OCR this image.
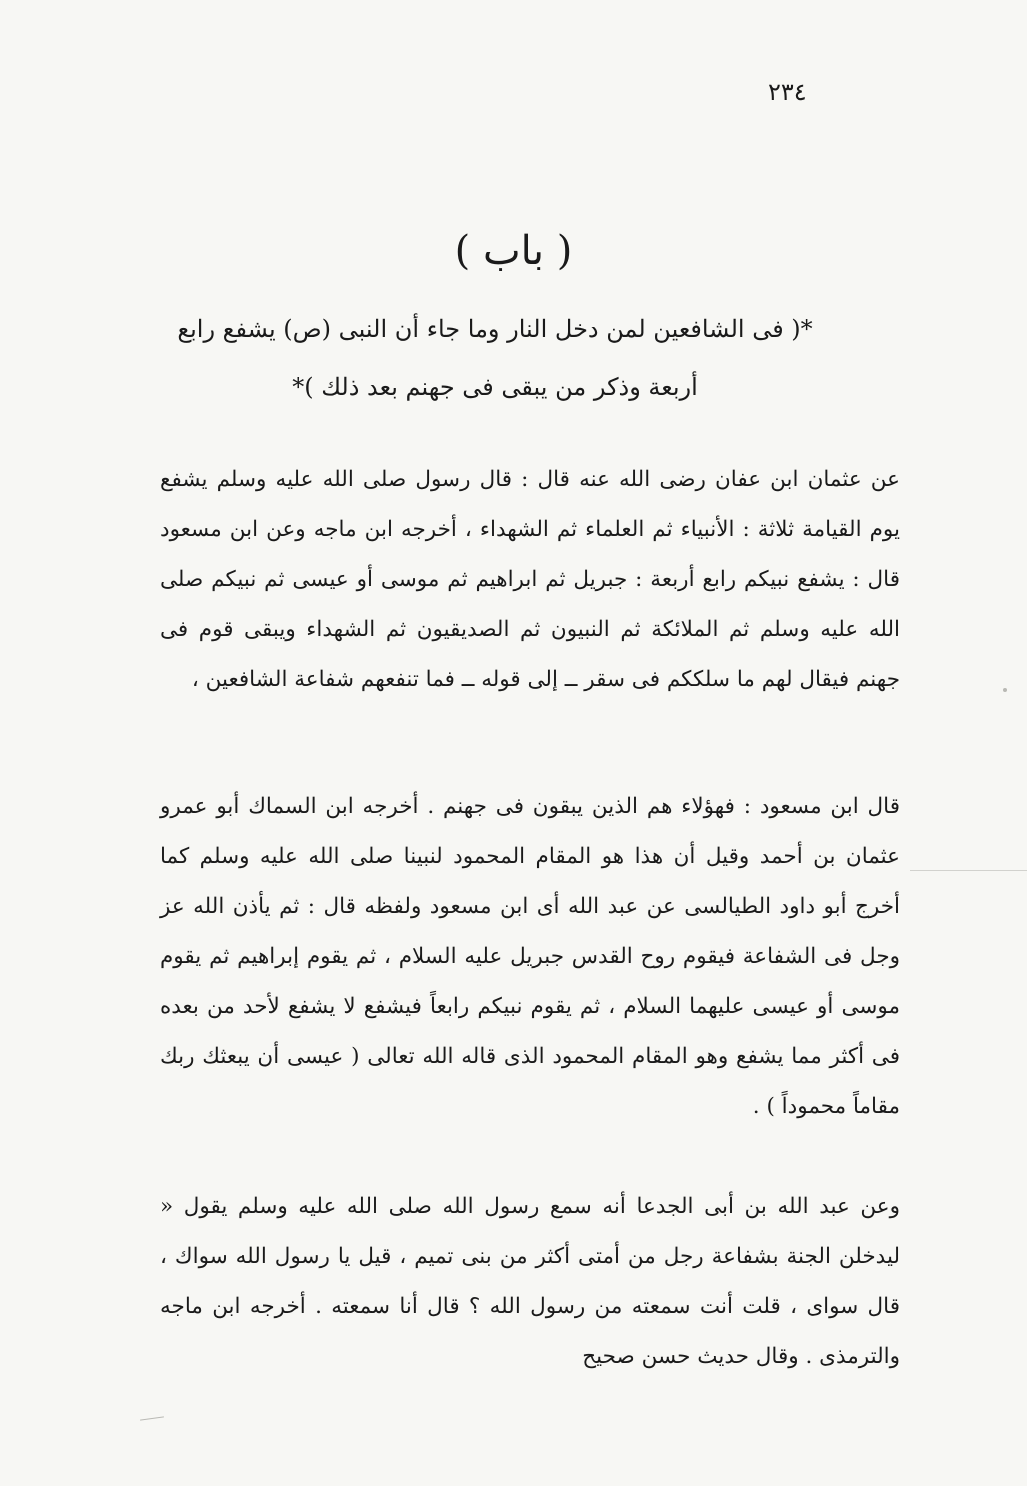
٢٣٤
( باب )
*( فى الشافعين لمن دخل النار وما جاء أن النبى (ص) يشفع رابع أربعة وذكر من يبقى فى جهنم بعد ذلك )*
عن عثمان ابن عفان رضى الله عنه قال : قال رسول صلى الله عليه وسلم يشفع يوم القيامة ثلاثة : الأنبياء ثم العلماء ثم الشهداء ، أخرجه ابن ماجه وعن ابن مسعود قال : يشفع نبيكم رابع أربعة : جبريل ثم ابراهيم ثم موسى أو عيسى ثم نبيكم صلى الله عليه وسلم ثم الملائكة ثم النبيون ثم الصديقيون ثم الشهداء ويبقى قوم فى جهنم فيقال لهم ما سلككم فى سقر ــ إلى قوله ــ فما تنفعهم شفاعة الشافعين ،
قال ابن مسعود : فهؤلاء هم الذين يبقون فى جهنم . أخرجه ابن السماك أبو عمرو عثمان بن أحمد وقيل أن هذا هو المقام المحمود لنبينا صلى الله عليه وسلم كما أخرج أبو داود الطيالسى عن عبد الله أى ابن مسعود ولفظه قال : ثم يأذن الله عز وجل فى الشفاعة فيقوم روح القدس جبريل عليه السلام ، ثم يقوم إبراهيم ثم يقوم موسى أو عيسى عليهما السلام ، ثم يقوم نبيكم رابعاً فيشفع لا يشفع لأحد من بعده فى أكثر مما يشفع وهو المقام المحمود الذى قاله الله تعالى ( عيسى أن يبعثك ربك مقاماً محموداً ) .
وعن عبد الله بن أبى الجدعا أنه سمع رسول الله صلى الله عليه وسلم يقول « ليدخلن الجنة بشفاعة رجل من أمتى أكثر من بنى تميم ، قيل يا رسول الله سواك ، قال سواى ، قلت أنت سمعته من رسول الله ؟ قال أنا سمعته . أخرجه ابن ماجه والترمذى . وقال حديث حسن صحيح
